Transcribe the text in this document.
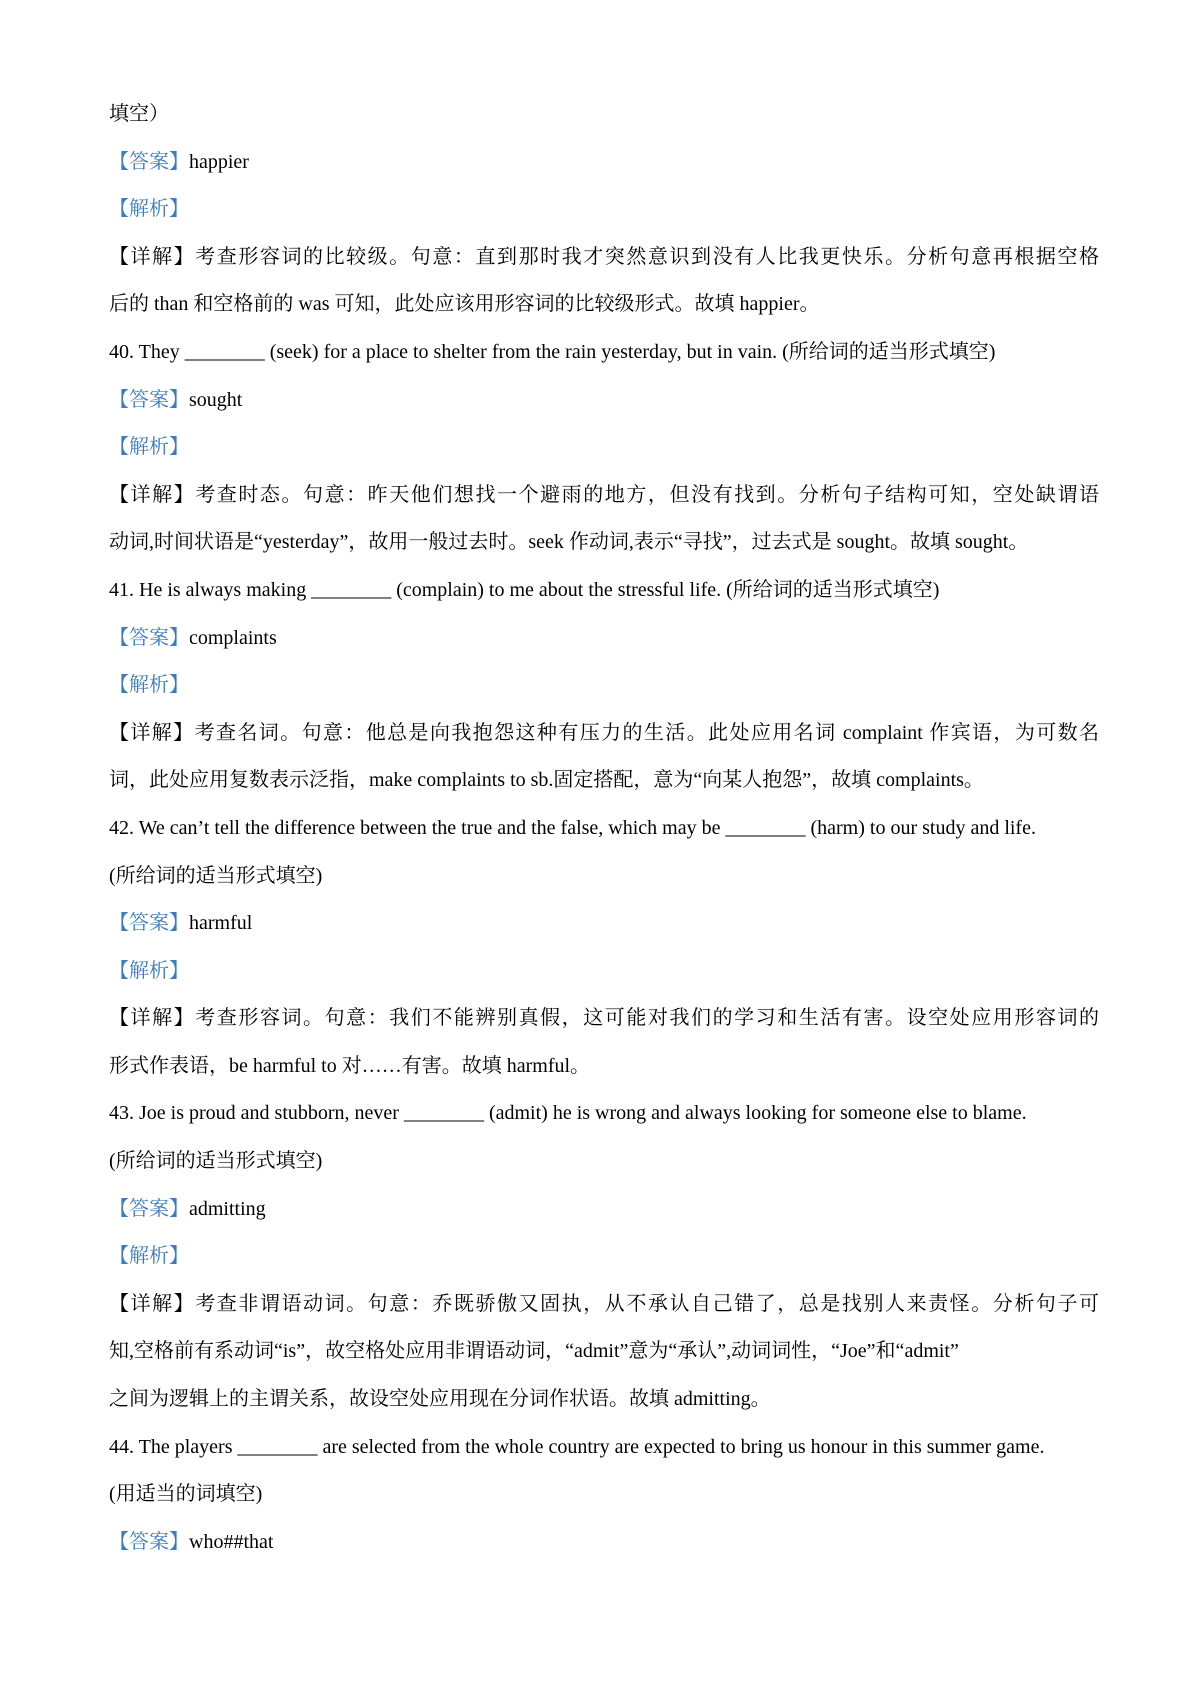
填空）
【答案】happier
【解析】
【详解】考查形容词的比较级。句意：直到那时我才突然意识到没有人比我更快乐。分析句意再根据空格
后的 than 和空格前的 was 可知，此处应该用形容词的比较级形式。故填 happier。
40. They ________ (seek) for a place to shelter from the rain yesterday, but in vain. (所给词的适当形式填空)
【答案】sought
【解析】
【详解】考查时态。句意：昨天他们想找一个避雨的地方，但没有找到。分析句子结构可知，空处缺谓语
动词,时间状语是“yesterday”，故用一般过去时。seek 作动词,表示“寻找”，过去式是 sought。故填 sought。
41. He is always making ________ (complain) to me about the stressful life. (所给词的适当形式填空)
【答案】complaints
【解析】
【详解】考查名词。句意：他总是向我抱怨这种有压力的生活。此处应用名词 complaint 作宾语，为可数名
词，此处应用复数表示泛指，make complaints to sb.固定搭配，意为“向某人抱怨”，故填 complaints。
42. We can’t tell the difference between the true and the false, which may be ________ (harm) to our study and life.
(所给词的适当形式填空)
【答案】harmful
【解析】
【详解】考查形容词。句意：我们不能辨别真假，这可能对我们的学习和生活有害。设空处应用形容词的
形式作表语，be harmful to 对……有害。故填 harmful。
43. Joe is proud and stubborn, never ________ (admit) he is wrong and always looking for someone else to blame.
(所给词的适当形式填空)
【答案】admitting
【解析】
【详解】考查非谓语动词。句意：乔既骄傲又固执，从不承认自己错了，总是找别人来责怪。分析句子可
知,空格前有系动词“is”，故空格处应用非谓语动词，“admit”意为“承认”,动词词性，“Joe”和“admit”
之间为逻辑上的主谓关系，故设空处应用现在分词作状语。故填 admitting。
44. The players ________ are selected from the whole country are expected to bring us honour in this summer game.
(用适当的词填空)
【答案】who##that
